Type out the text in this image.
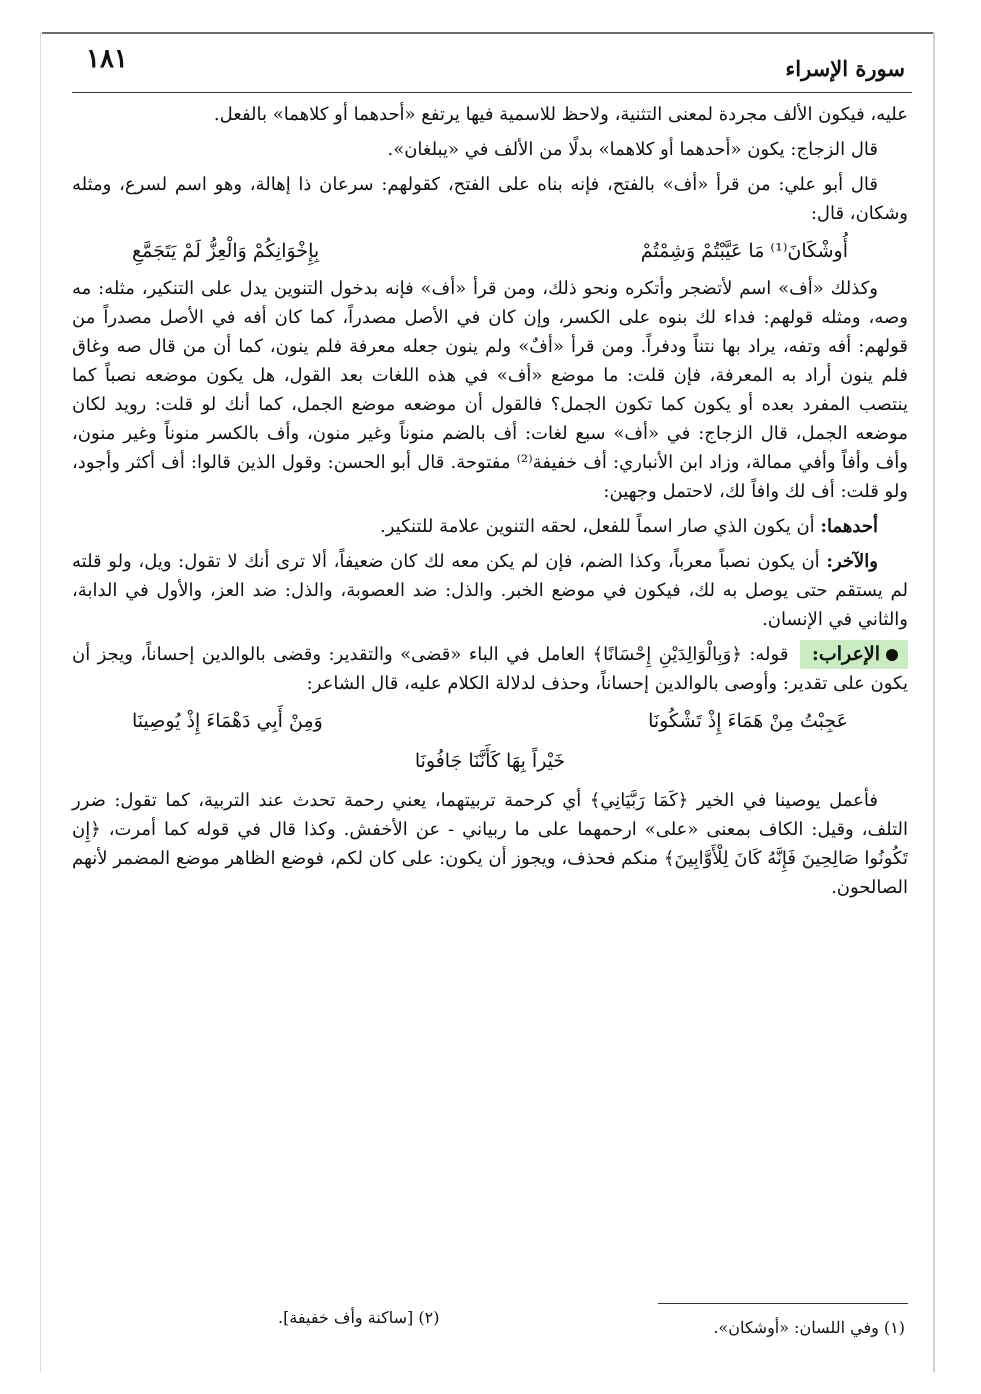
١٨١	سورة الإسراء

عليه، فيكون الألف مجردة لمعنى التثنية، ولاحظ للاسمية فيها يرتفع «أحدهما أو كلاهما» بالفعل.

قال الزجاج: يكون «أحدهما أو كلاهما» بدلًا من الألف في «يبلغان».

قال أبو علي: من قرأ «أف» بالفتح، فإنه بناه على الفتح، كقولهم: سرعان ذا إهالة، وهو اسم لسرع، ومثله وشكان، قال:

أُوشْكَانَ⁽¹⁾ مَا عَيَّبْتُمْ وَشِمْتُمْ
بِإِخْوَانِكُمْ وَالْعِزُّ لَمْ يَتَجَمَّعِ

وكذلك «أف» اسم لأتضجر وأتكره ونحو ذلك، ومن قرأ «أف» فإنه بدخول التنوين يدل على التنكير، مثله: مه وصه، ومثله قولهم: فداء لك بنوه على الكسر، وإن كان في الأصل مصدراً، كما كان أفه في الأصل مصدراً من قولهم: أفه وتفه، يراد بها نتناً ودفراً. ومن قرأ «أفٌ» ولم ينون جعله معرفة فلم ينون، كما أن من قال صه وغاق فلم ينون أراد به المعرفة، فإن قلت: ما موضع «أف» في هذه اللغات بعد القول، هل يكون موضعه نصباً كما ينتصب المفرد بعده أو يكون كما تكون الجمل؟ فالقول أن موضعه موضع الجمل، كما أنك لو قلت: رويد لكان موضعه الجمل، قال الزجاج: في «أف» سبع لغات: أف بالضم منوناً وغير منون، وأف بالكسر منوناً وغير منون، وأف وأفاً وأفي ممالة، وزاد ابن الأنباري: أف خفيفة⁽²⁾ مفتوحة. قال أبو الحسن: وقول الذين قالوا: أف أكثر وأجود، ولو قلت: أف لك وافاً لك، لاحتمل وجهين:

أحدهما: أن يكون الذي صار اسماً للفعل، لحقه التنوين علامة للتنكير.

والآخر: أن يكون نصباً معرباً، وكذا الضم، فإن لم يكن معه لك كان ضعيفاً، ألا ترى أنك لا تقول: ويل، ولو قلته لم يستقم حتى يوصل به لك، فيكون في موضع الخبر. والذل: ضد العصوبة، والذل: ضد العز، والأول في الدابة، والثاني في الإنسان.

الإعراب: قوله: ﴿وَبِالْوَالِدَيْنِ إِحْسَانًا﴾ العامل في الباء «قضى» والتقدير: وقضى بالوالدين إحساناً، ويجز أن يكون على تقدير: وأوصى بالوالدين إحساناً، وحذف لدلالة الكلام عليه، قال الشاعر:

عَجِبْتُ مِنْ هَمَاءَ إِذْ تَشْكُونَا
وَمِنْ أَبِي دَهْمَاءَ إِذْ يُوصِينَا
خَيْراً بِهَا كَأَنَّنَا جَافُونَا

فأعمل يوصينا في الخير ﴿كَمَا رَبَّيَانِي﴾ أي كرحمة تربيتهما، يعني رحمة تحدث عند التربية، كما تقول: ضرر التلف، وقيل: الكاف بمعنى «على» ارحمهما على ما ربياني - عن الأخفش. وكذا قال في قوله كما أمرت، ﴿إِن تَكُونُوا صَالِحِينَ فَإِنَّهُ كَانَ لِلْأَوَّابِينَ﴾ منكم فحذف، ويجوز أن يكون: على كان لكم، فوضع الظاهر موضع المضمر لأنهم الصالحون.

(١) وفي اللسان: «أوشكان».
(٢) [ساكنة وأف خفيفة].
